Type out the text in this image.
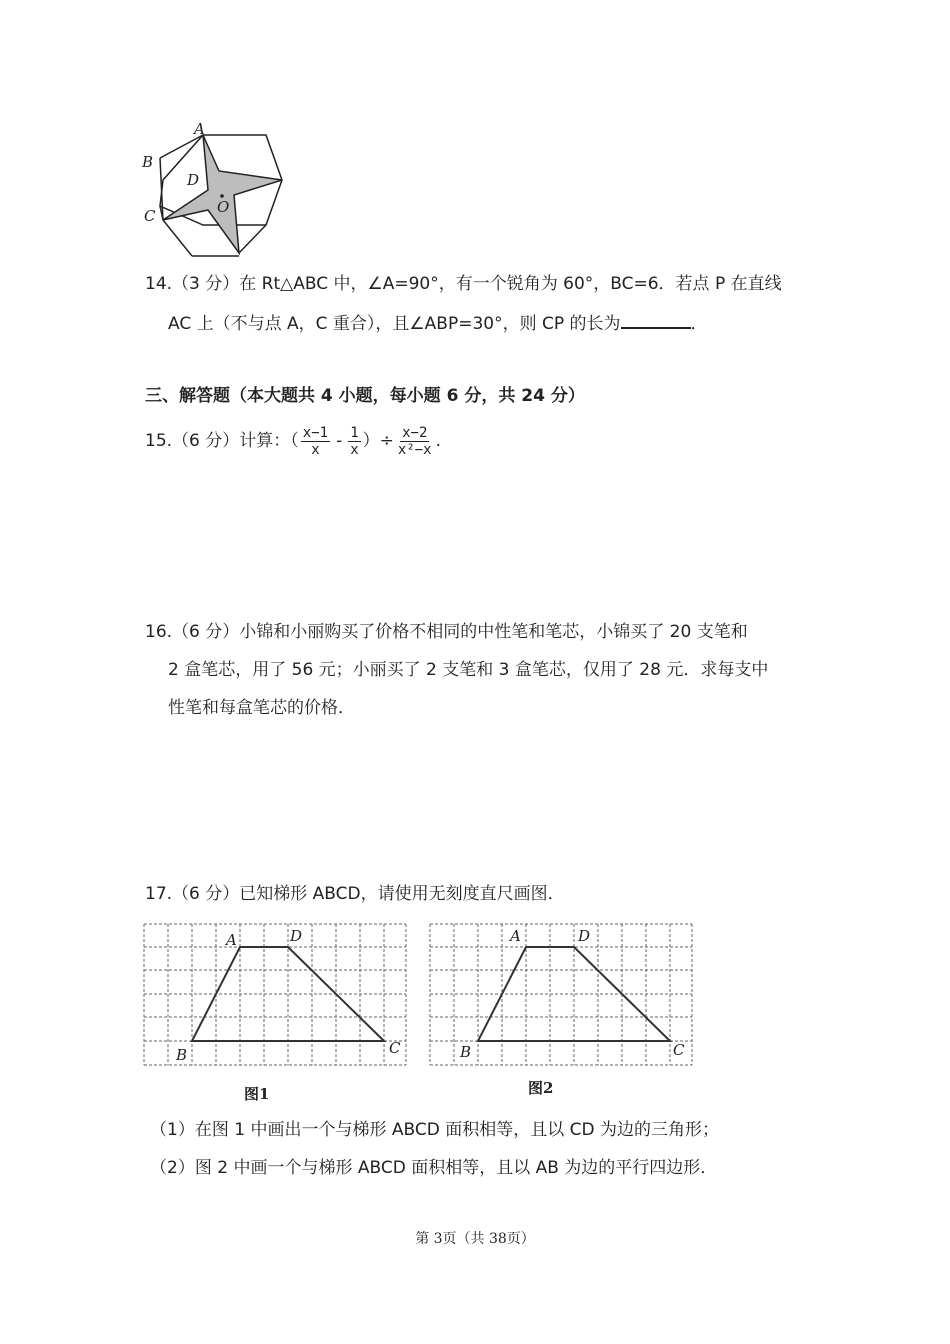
A
B
D
O
C
14.（3 分）在 Rt△ABC 中，∠A=90°，有一个锐角为 60°，BC=6．若点 P 在直线
AC 上（不与点 A，C 重合），且∠ABP=30°，则 CP 的长为	．
三、解答题（本大题共 4 小题，每小题 6 分，共 24 分）
15.（6 分）计算：（ $\frac{x-1}{x} - \frac{1}{x}$ ）÷ $\frac{x-2}{\text{x²−x}}$ .
16.（6 分）小锦和小丽购买了价格不相同的中性笔和笔芯，小锦买了 20 支笔和
2 盒笔芯，用了 56 元；小丽买了 2 支笔和 3 盒笔芯，仅用了 28 元．求每支中
性笔和每盒笔芯的价格．
17.（6 分）已知梯形 ABCD，请使用无刻度直尺画图．
A	D
B	C
图1
A	D
B	C
图2
（1）在图 1 中画出一个与梯形 ABCD 面积相等，且以 CD 为边的三角形；
（2）图 2 中画一个与梯形 ABCD 面积相等，且以 AB 为边的平行四边形．
第 3页（共 38页）
